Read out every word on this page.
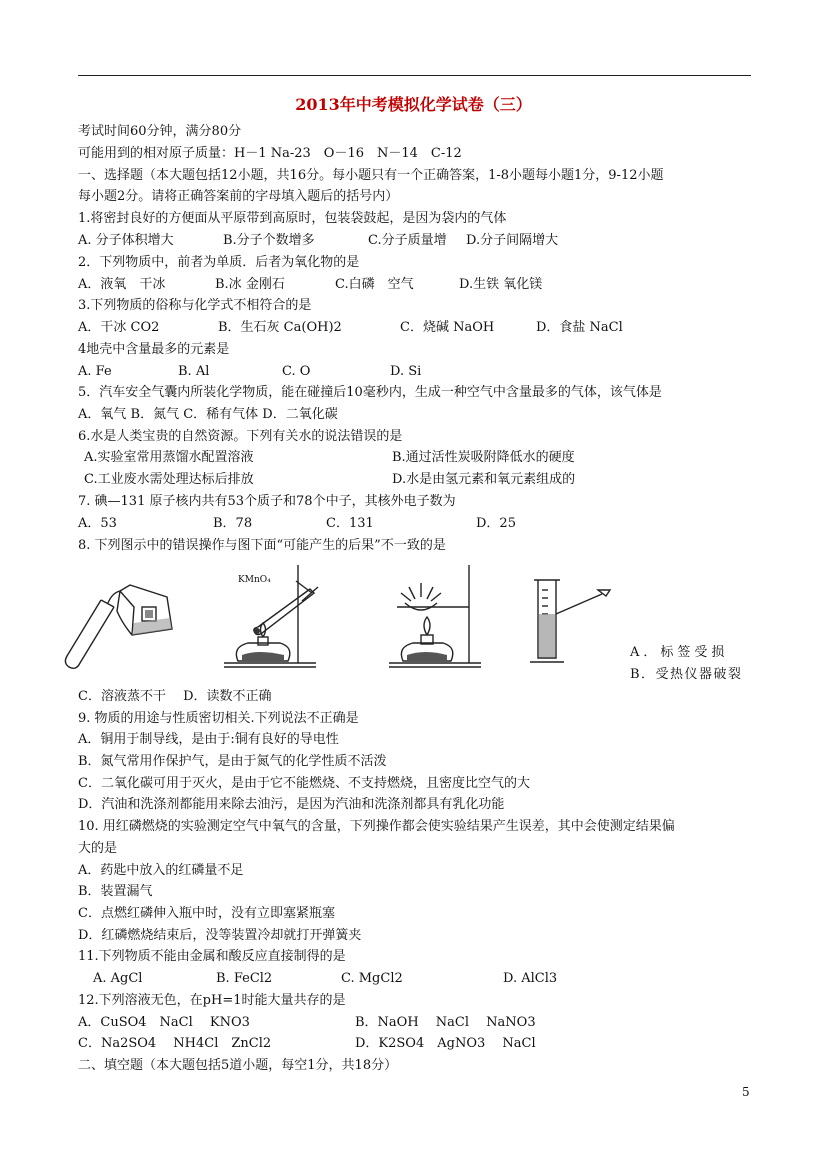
2013年中考模拟化学试卷（三）
考试时间60分钟，满分80分
可能用到的相对原子质量：H－1 Na-23　O－16　N－14　C-12
一、选择题（本大题包括12小题，共16分。每小题只有一个正确答案，1-8小题每小题1分，9-12小题
每小题2分。请将正确答案前的字母填入题后的括号内）
1.将密封良好的方便面从平原带到高原时，包装袋鼓起，是因为袋内的气体
A. 分子体积增大	B.分子个数增多	C.分子质量增 D.分子间隔增大
2．下列物质中，前者为单质．后者为氧化物的是
A．液氧　干冰	B.冰 金刚石	C.白磷　空气	D.生铁 氧化镁
3.下列物质的俗称与化学式不相符合的是
A．干冰 CO2	B．生石灰 Ca(OH)2	C．烧碱 NaOH	D．食盐 NaCl
4地壳中含量最多的元素是
A. Fe	B. Al	C. O	D. Si
5．汽车安全气囊内所装化学物质，能在碰撞后10毫秒内，生成一种空气中含量最多的气体，该气体是
A．氧气 B．氮气 C．稀有气体 D．二氧化碳
6.水是人类宝贵的自然资源。下列有关水的说法错误的是
A.实验室常用蒸馏水配置溶液	B.通过活性炭吸附降低水的硬度
C.工业废水需处理达标后排放	D.水是由氢元素和氧元素组成的
7. 碘—131 原子核内共有53个质子和78个中子，其核外电子数为
A．53	B．78	C．131	D．25
8. 下列图示中的错误操作与图下面“可能产生的后果”不一致的是
KMnO₄
A．标签受损
B．受热仪器破裂
C．溶液蒸不干　 D．读数不正确
9. 物质的用途与性质密切相关.下列说法不正确是
A．铜用于制导线，是由于:铜有良好的导电性
B．氮气常用作保护气，是由于氮气的化学性质不活泼
C．二氧化碳可用于灭火，是由于它不能燃烧、不支持燃烧，且密度比空气的大
D．汽油和洗涤剂都能用来除去油污，是因为汽油和洗涤剂都具有乳化功能
10. 用红磷燃烧的实验测定空气中氧气的含量，下列操作都会使实验结果产生误差，其中会使测定结果偏
大的是
A．药匙中放入的红磷量不足
B．装置漏气
C．点燃红磷伸入瓶中时，没有立即塞紧瓶塞
D．红磷燃烧结束后，没等装置冷却就打开弹簧夹
11.下列物质不能由金属和酸反应直接制得的是
A. AgCl	B. FeCl2	C. MgCl2	D. AlCl3
12.下列溶液无色，在pH=1时能大量共存的是
A．CuSO4　NaCl　 KNO3	B．NaOH　 NaCl　 NaNO3
C．Na2SO4　 NH4Cl　ZnCl2	D．K2SO4　AgNO3　 NaCl
二、填空题（本大题包括5道小题，每空1分，共18分）
5
